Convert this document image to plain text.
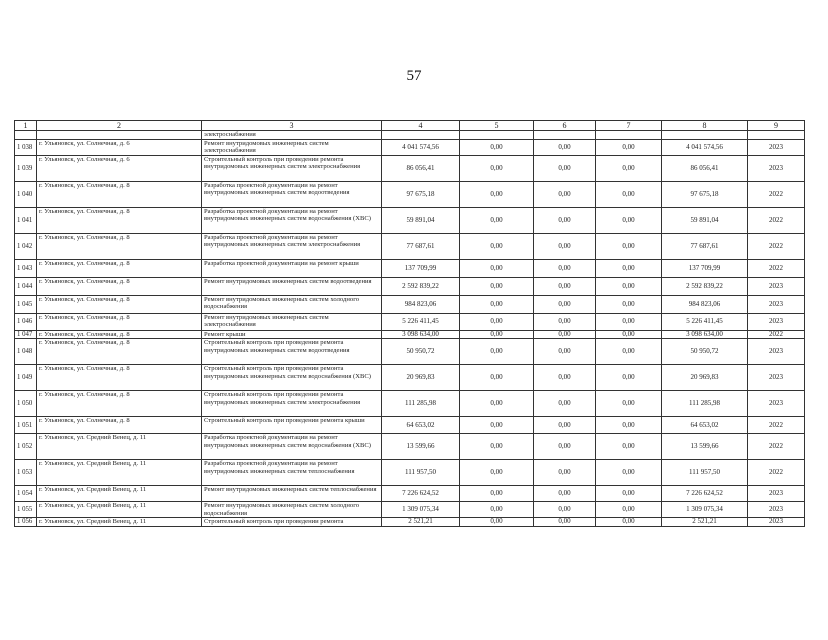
57
1	2	3	4	5	6	7	8	9
		электроснабжения						
1 038	г. Ульяновск, ул. Солнечная, д. 6	Ремонт внутридомовых инженерных систем электроснабжения	4 041 574,56	0,00	0,00	0,00	4 041 574,56	2023
1 039	г. Ульяновск, ул. Солнечная, д. 6	Строительный контроль при проведении ремонта внутридомовых инженерных систем электроснабжения	86 056,41	0,00	0,00	0,00	86 056,41	2023
1 040	г. Ульяновск, ул. Солнечная, д. 8	Разработка проектной документации на ремонт внутридомовых инженерных систем водоотведения	97 675,18	0,00	0,00	0,00	97 675,18	2022
1 041	г. Ульяновск, ул. Солнечная, д. 8	Разработка проектной документации на ремонт внутридомовых инженерных систем водоснабжения (ХВС)	59 891,04	0,00	0,00	0,00	59 891,04	2022
1 042	г. Ульяновск, ул. Солнечная, д. 8	Разработка проектной документации на ремонт внутридомовых инженерных систем электроснабжения	77 687,61	0,00	0,00	0,00	77 687,61	2022
1 043	г. Ульяновск, ул. Солнечная, д. 8	Разработка проектной документации на ремонт крыши	137 709,99	0,00	0,00	0,00	137 709,99	2022
1 044	г. Ульяновск, ул. Солнечная, д. 8	Ремонт внутридомовых инженерных систем водоотведения	2 592 839,22	0,00	0,00	0,00	2 592 839,22	2023
1 045	г. Ульяновск, ул. Солнечная, д. 8	Ремонт внутридомовых инженерных систем холодного водоснабжения	984 823,06	0,00	0,00	0,00	984 823,06	2023
1 046	г. Ульяновск, ул. Солнечная, д. 8	Ремонт внутридомовых инженерных систем электроснабжения	5 226 411,45	0,00	0,00	0,00	5 226 411,45	2023
1 047	г. Ульяновск, ул. Солнечная, д. 8	Ремонт крыши	3 098 634,00	0,00	0,00	0,00	3 098 634,00	2022
1 048	г. Ульяновск, ул. Солнечная, д. 8	Строительный контроль при проведении ремонта внутридомовых инженерных систем водоотведения	50 950,72	0,00	0,00	0,00	50 950,72	2023
1 049	г. Ульяновск, ул. Солнечная, д. 8	Строительный контроль при проведении ремонта внутридомовых инженерных систем водоснабжения (ХВС)	20 969,83	0,00	0,00	0,00	20 969,83	2023
1 050	г. Ульяновск, ул. Солнечная, д. 8	Строительный контроль при проведении ремонта внутридомовых инженерных систем электроснабжения	111 285,98	0,00	0,00	0,00	111 285,98	2023
1 051	г. Ульяновск, ул. Солнечная, д. 8	Строительный контроль при проведении ремонта крыши	64 653,02	0,00	0,00	0,00	64 653,02	2022
1 052	г. Ульяновск, ул. Средний Венец, д. 11	Разработка проектной документации на ремонт внутридомовых инженерных систем водоснабжения (ХВС)	13 599,66	0,00	0,00	0,00	13 599,66	2022
1 053	г. Ульяновск, ул. Средний Венец, д. 11	Разработка проектной документации на ремонт внутридомовых инженерных систем теплоснабжения	111 957,50	0,00	0,00	0,00	111 957,50	2022
1 054	г. Ульяновск, ул. Средний Венец, д. 11	Ремонт внутридомовых инженерных систем теплоснабжения	7 226 624,52	0,00	0,00	0,00	7 226 624,52	2023
1 055	г. Ульяновск, ул. Средний Венец, д. 11	Ремонт внутридомовых инженерных систем холодного водоснабжения	1 309 075,34	0,00	0,00	0,00	1 309 075,34	2023
1 056	г. Ульяновск, ул. Средний Венец, д. 11	Строительный контроль при проведении ремонта	2 521,21	0,00	0,00	0,00	2 521,21	2023
